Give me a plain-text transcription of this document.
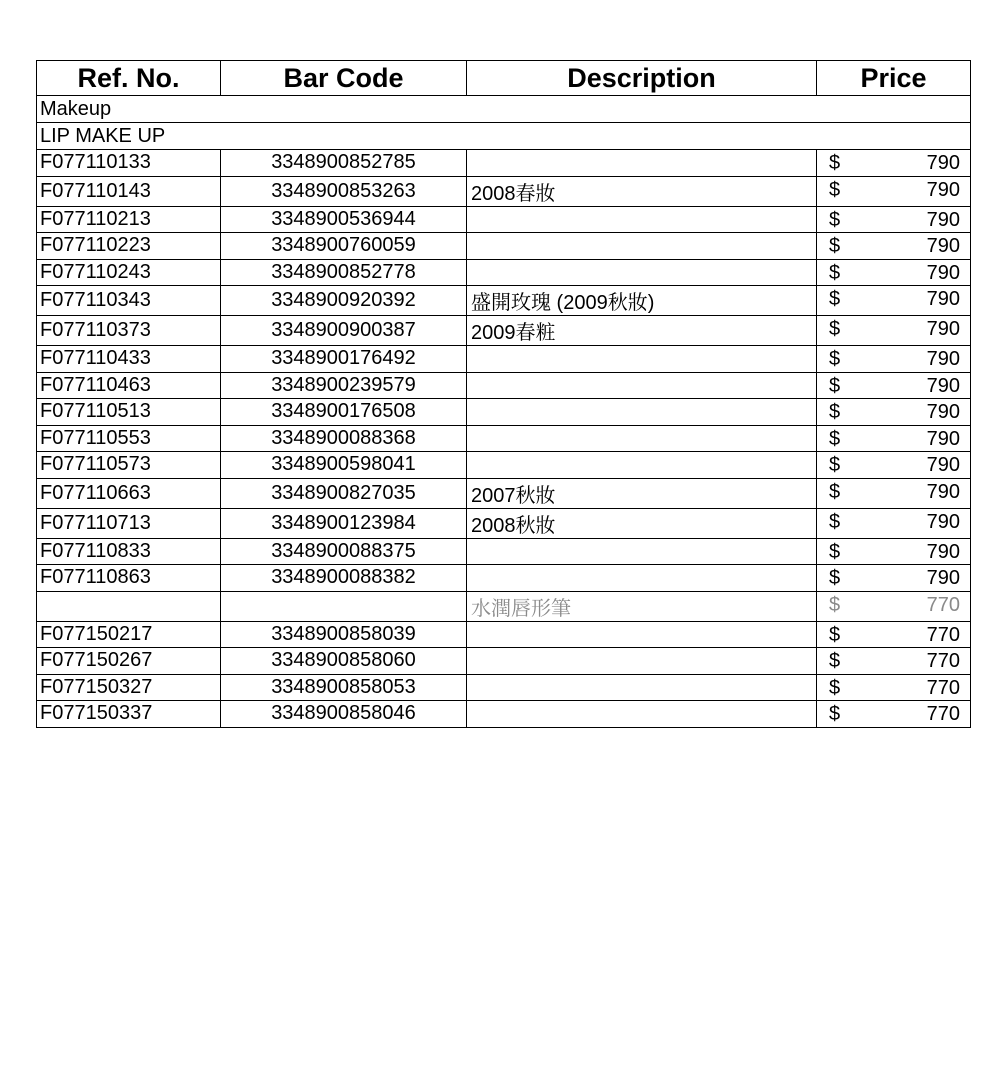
Ref. No.	Bar Code	Description	Price
Makeup			
LIP MAKE UP			
F077110133	3348900852785		$ 790

F077110143	3348900853263	2008春妝	$ 790

F077110213	3348900536944		$ 790

F077110223	3348900760059		$ 790

F077110243	3348900852778		$ 790

F077110343	3348900920392	盛開玫瑰 (2009秋妝)	$ 790

F077110373	3348900900387	2009春粧	$ 790

F077110433	3348900176492		$ 790

F077110463	3348900239579		$ 790

F077110513	3348900176508		$ 790

F077110553	3348900088368		$ 790

F077110573	3348900598041		$ 790

F077110663	3348900827035	2007秋妝	$ 790

F077110713	3348900123984	2008秋妝	$ 790

F077110833	3348900088375		$ 790

F077110863	3348900088382		$ 790

		水潤唇形筆	$ 770

F077150217	3348900858039		$ 770

F077150267	3348900858060		$ 770

F077150327	3348900858053		$ 770

F077150337	3348900858046		$ 770
